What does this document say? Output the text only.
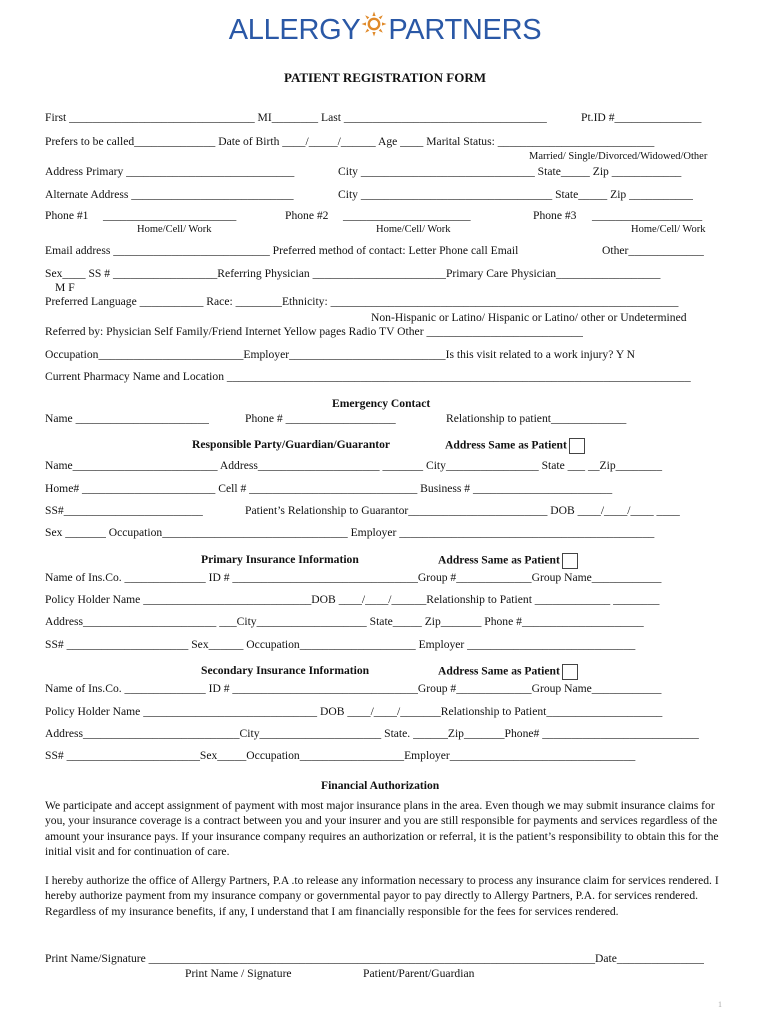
ALLERGY PARTNERS
PATIENT REGISTRATION FORM
First ________________________________ MI________ Last ___________________________________	Pt.ID #_______________
Prefers to be called______________ Date of Birth ____/_____/______ Age ____ Marital Status: ___________________________
Married/ Single/Divorced/Widowed/Other
Address Primary _____________________________	City ______________________________ State_____ Zip ____________
Alternate Address ____________________________	City _________________________________ State_____ Zip ___________
Phone #1 _______________________	Phone #2 ______________________	Phone #3 ___________________
Home/Cell/ Work	Home/Cell/ Work	Home/Cell/ Work
Email address ___________________________ Preferred method of contact: Letter Phone call Email	Other_____________
Sex____ SS # __________________Referring Physician _______________________Primary Care Physician__________________
M F
Preferred Language ___________ Race: ________Ethnicity: ____________________________________________________________
Non-Hispanic or Latino/ Hispanic or Latino/ other or Undetermined
Referred by: Physician Self Family/Friend Internet Yellow pages Radio TV Other ___________________________
Occupation_________________________Employer___________________________Is this visit related to a work injury? Y N
Current Pharmacy Name and Location ________________________________________________________________________________
Emergency Contact
Name _______________________	Phone # ___________________	Relationship to patient_____________
Responsible Party/Guardian/Guarantor	Address Same as Patient
Name_________________________ Address_____________________ _______ City________________ State ___ __Zip________
Home# _______________________ Cell # _____________________________ Business # ________________________
SS#________________________	Patient’s Relationship to Guarantor________________________ DOB ____/____/____ ____
Sex _______ Occupation________________________________ Employer ____________________________________________
Primary Insurance Information	Address Same as Patient
Name of Ins.Co. ______________ ID # ________________________________Group #_____________Group Name____________
Policy Holder Name _____________________________DOB ____/____/______Relationship to Patient _____________ ________
Address_______________________ ___City___________________ State_____ Zip_______ Phone #_____________________
SS# _____________________ Sex______ Occupation____________________ Employer _____________________________
Secondary Insurance Information	Address Same as Patient
Name of Ins.Co. ______________ ID # ________________________________Group #_____________Group Name____________
Policy Holder Name ______________________________ DOB ____/____/_______Relationship to Patient____________________
Address___________________________City_____________________ State. ______Zip_______Phone# ___________________________
SS# _______________________Sex_____Occupation__________________Employer________________________________
Financial Authorization
Print Name/Signature _____________________________________________________________________________Date_______________
Print Name / Signature	Patient/Parent/Guardian

We participate and accept assignment of payment with most major insurance plans in the area. Even though we may submit insurance claims for you, your insurance coverage is a contract between you and your insurer and you are still responsible for payments and services regardless of the amount your insurance pays. If your insurance company requires an authorization or referral, it is the patient’s responsibility to obtain this for the initial visit and for continuation of care.

I hereby authorize the office of Allergy Partners, P.A .to release any information necessary to process any insurance claim for services rendered. I hereby authorize payment from my insurance company or governmental payor to pay directly to Allergy Partners, P.A. for services rendered. Regardless of my insurance benefits, if any, I understand that I am financially responsible for the fees for services rendered.

1
